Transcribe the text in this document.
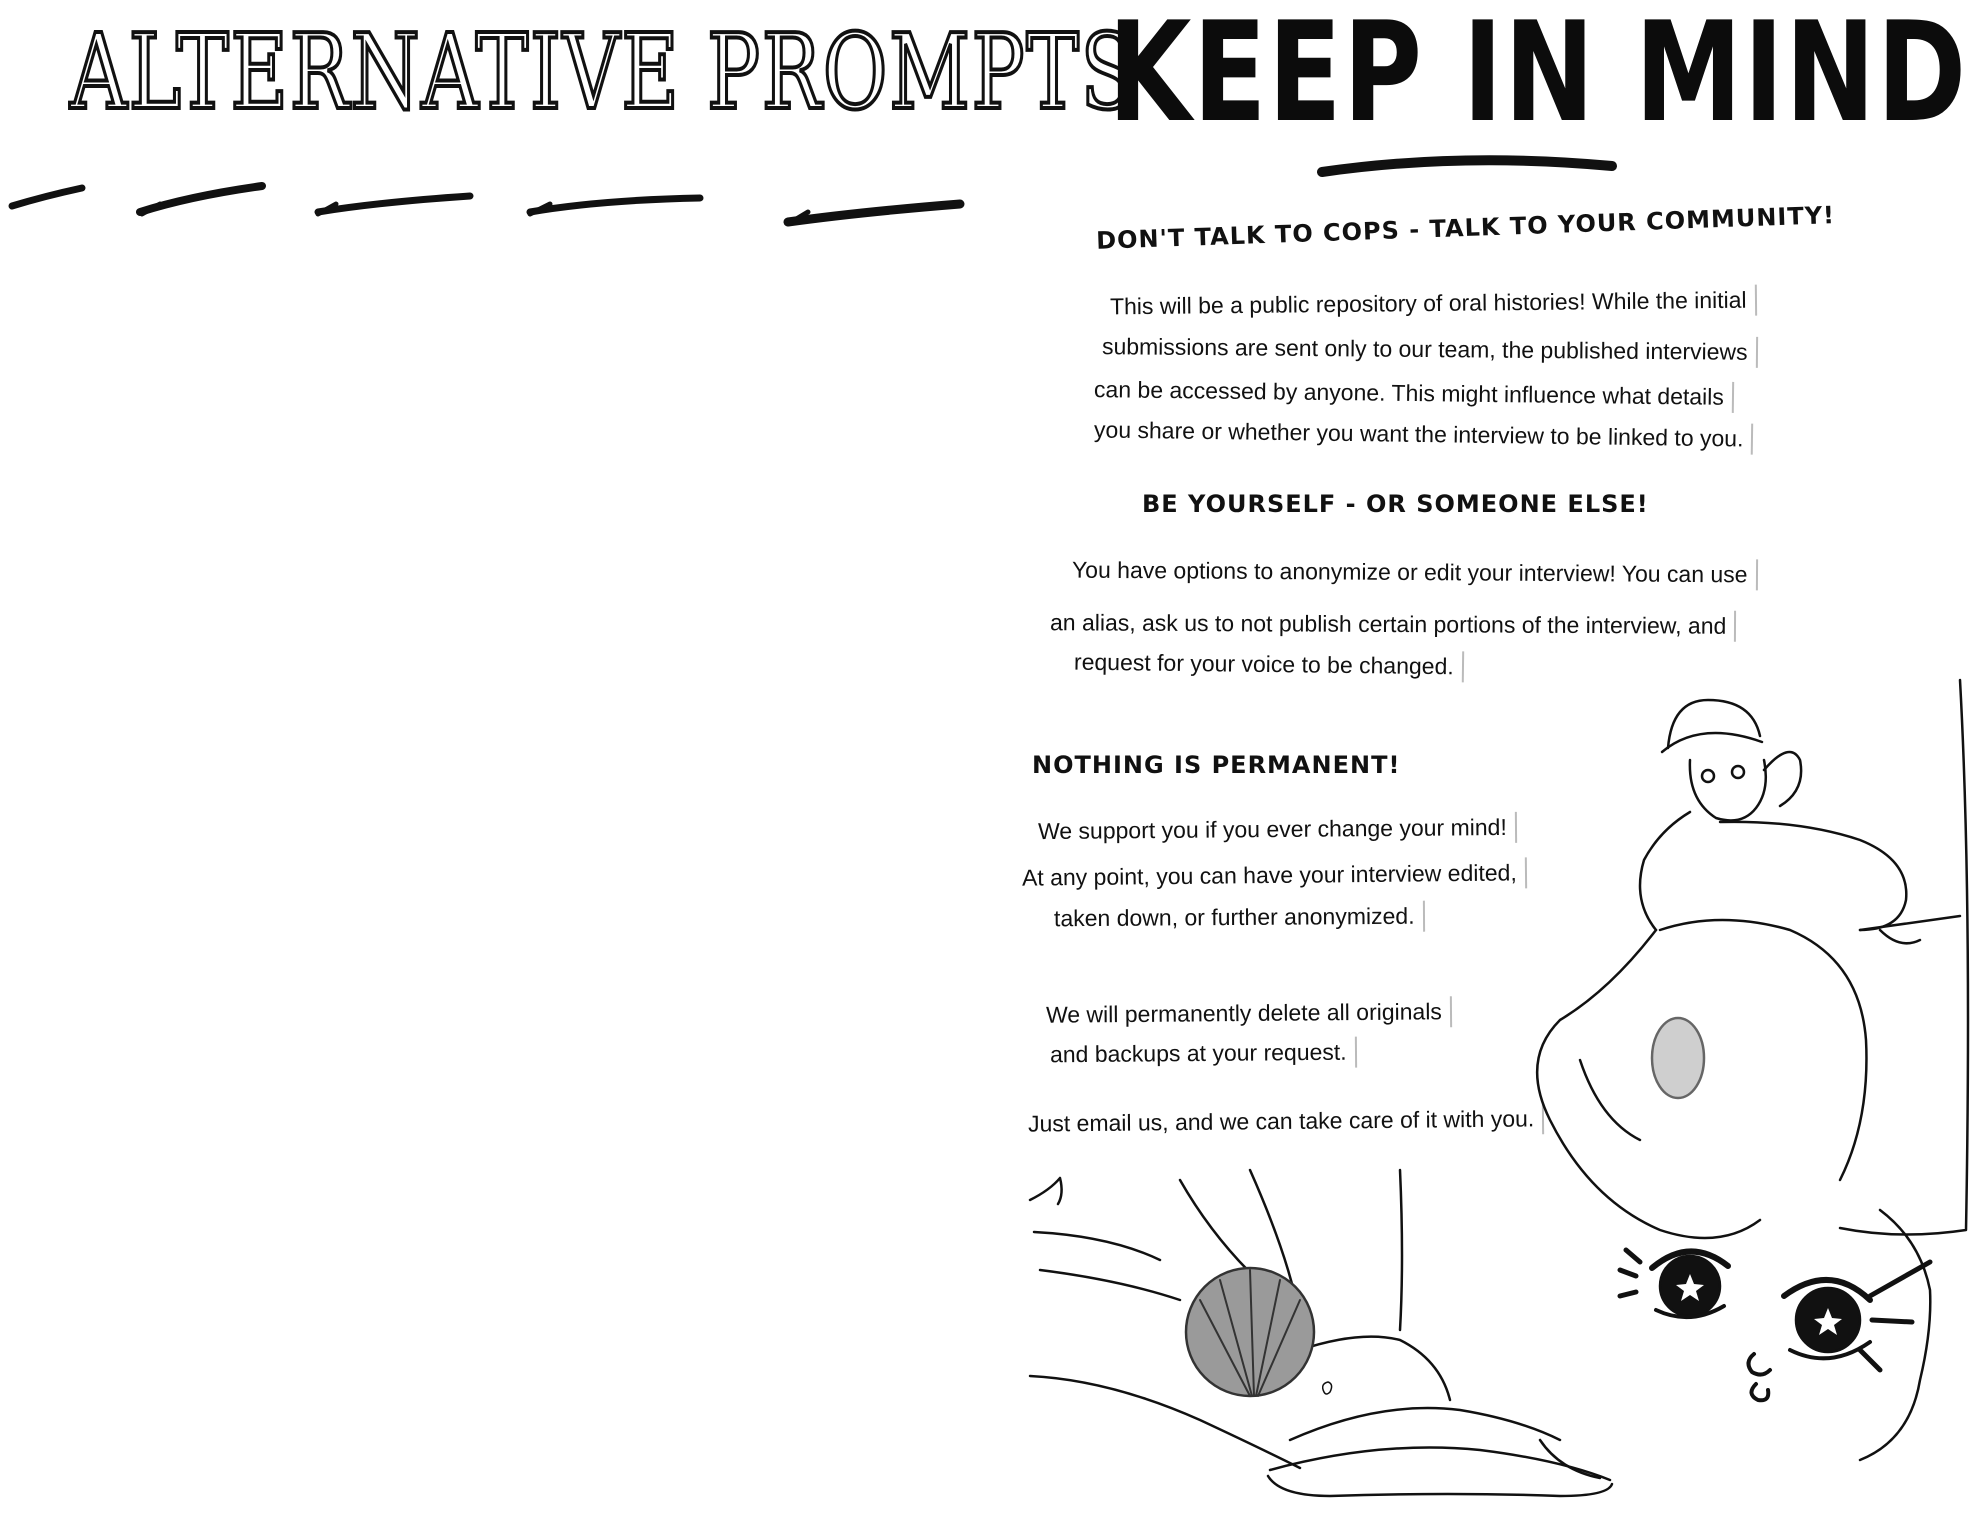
ALTERNATIVE PROMPTS
KEEP IN MIND
DON'T TALK TO COPS - TALK TO YOUR COMMUNITY!
This will be a public repository of oral histories! While the initial
submissions are sent only to our team, the published interviews
can be accessed by anyone. This might influence what details
you share or whether you want the interview to be linked to you.
BE YOURSELF - OR SOMEONE ELSE!
You have options to anonymize or edit your interview! You can use
an alias, ask us to not publish certain portions of the interview, and
request for your voice to be changed.
NOTHING IS PERMANENT!
We support you if you ever change your mind!
At any point, you can have your interview edited,
taken down, or further anonymized.
We will permanently delete all originals
and backups at your request.
Just email us, and we can take care of it with you.
